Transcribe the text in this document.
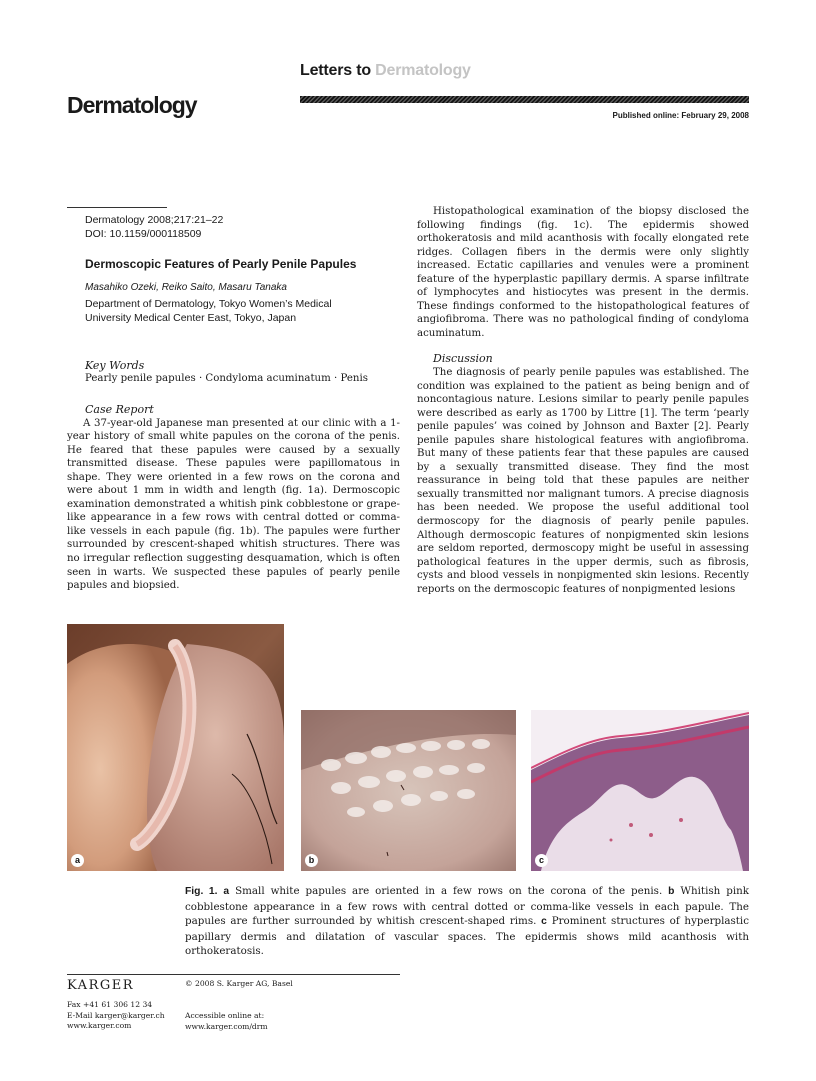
Letters to Dermatology
Dermatology	Published online: February 29, 2008
Dermatology 2008;217:21–22
DOI: 10.1159/000118509
Dermoscopic Features of Pearly Penile Papules
Masahiko Ozeki, Reiko Saito, Masaru Tanaka
Department of Dermatology, Tokyo Women’s Medical
University Medical Center East, Tokyo, Japan
Key Words
Pearly penile papules · Condyloma acuminatum · Penis
Case Report

A 37-year-old Japanese man presented at our clinic with a 1-year history of small white papules on the corona of the penis. He feared that these papules were caused by a sexually transmitted disease. These papules were papillomatous in shape. They were oriented in a few rows on the corona and were about 1 mm in width and length (fig. 1a). Dermoscopic examination demonstrated a whitish pink cobblestone or grape-like appearance in a few rows with central dotted or comma-like vessels in each papule (fig. 1b). The papules were further surrounded by crescent-shaped whitish structures. There was no irregular reflection suggesting desquamation, which is often seen in warts. We suspected these papules of pearly penile papules and biopsied.

Histopathological examination of the biopsy disclosed the following findings (fig. 1c). The epidermis showed orthokeratosis and mild acanthosis with focally elongated rete ridges. Collagen fibers in the dermis were only slightly increased. Ectatic capillaries and venules were a prominent feature of the hyperplastic papillary dermis. A sparse infiltrate of lymphocytes and histiocytes was present in the dermis. These findings conformed to the histopathological features of angiofibroma. There was no pathological finding of condyloma acuminatum.

Discussion

The diagnosis of pearly penile papules was established. The condition was explained to the patient as being benign and of noncontagious nature. Lesions similar to pearly penile papules were described as early as 1700 by Littre [1]. The term ‘pearly penile papules’ was coined by Johnson and Baxter [2]. Pearly penile papules share histological features with angiofibroma. But many of these patients fear that these papules are caused by a sexually transmitted disease. They find the most reassurance in being told that these papules are neither sexually transmitted nor malignant tumors. A precise diagnosis has been needed. We propose the useful additional tool dermoscopy for the diagnosis of pearly penile papules. Although dermoscopic features of nonpigmented skin lesions are seldom reported, dermoscopy might be useful in assessing pathological features in the upper dermis, such as fibrosis, cysts and blood vessels in nonpigmented skin lesions. Recently reports on the dermoscopic features of nonpigmented lesions

a	b	c
Fig. 1. a Small white papules are oriented in a few rows on the corona of the penis. b Whitish pink cobblestone appearance in a few rows with central dotted or comma-like vessels in each papule. The papules are further surrounded by whitish crescent-shaped rims. c Prominent structures of hyperplastic papillary dermis and dilatation of vascular spaces. The epidermis shows mild acanthosis with orthokeratosis.
KARGER
Fax +41 61 306 12 34
E-Mail karger@karger.ch
www.karger.com
© 2008 S. Karger AG, Basel
Accessible online at:
www.karger.com/drm
